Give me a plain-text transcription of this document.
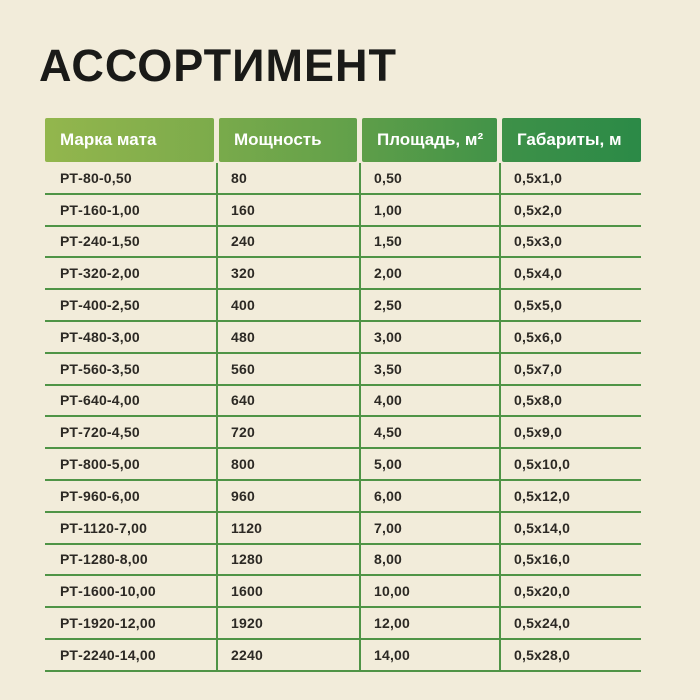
АССОРТИМЕНТ
Марка мата	Мощность	Площадь, м²	Габариты, м
РТ-80-0,50	80	0,50	0,5x1,0
РТ-160-1,00	160	1,00	0,5x2,0
РТ-240-1,50	240	1,50	0,5x3,0
РТ-320-2,00	320	2,00	0,5x4,0
РТ-400-2,50	400	2,50	0,5x5,0
РТ-480-3,00	480	3,00	0,5x6,0
РТ-560-3,50	560	3,50	0,5x7,0
РТ-640-4,00	640	4,00	0,5x8,0
РТ-720-4,50	720	4,50	0,5x9,0
РТ-800-5,00	800	5,00	0,5x10,0
РТ-960-6,00	960	6,00	0,5x12,0
РТ-1120-7,00	1120	7,00	0,5x14,0
РТ-1280-8,00	1280	8,00	0,5x16,0
РТ-1600-10,00	1600	10,00	0,5x20,0
РТ-1920-12,00	1920	12,00	0,5x24,0
РТ-2240-14,00	2240	14,00	0,5x28,0
